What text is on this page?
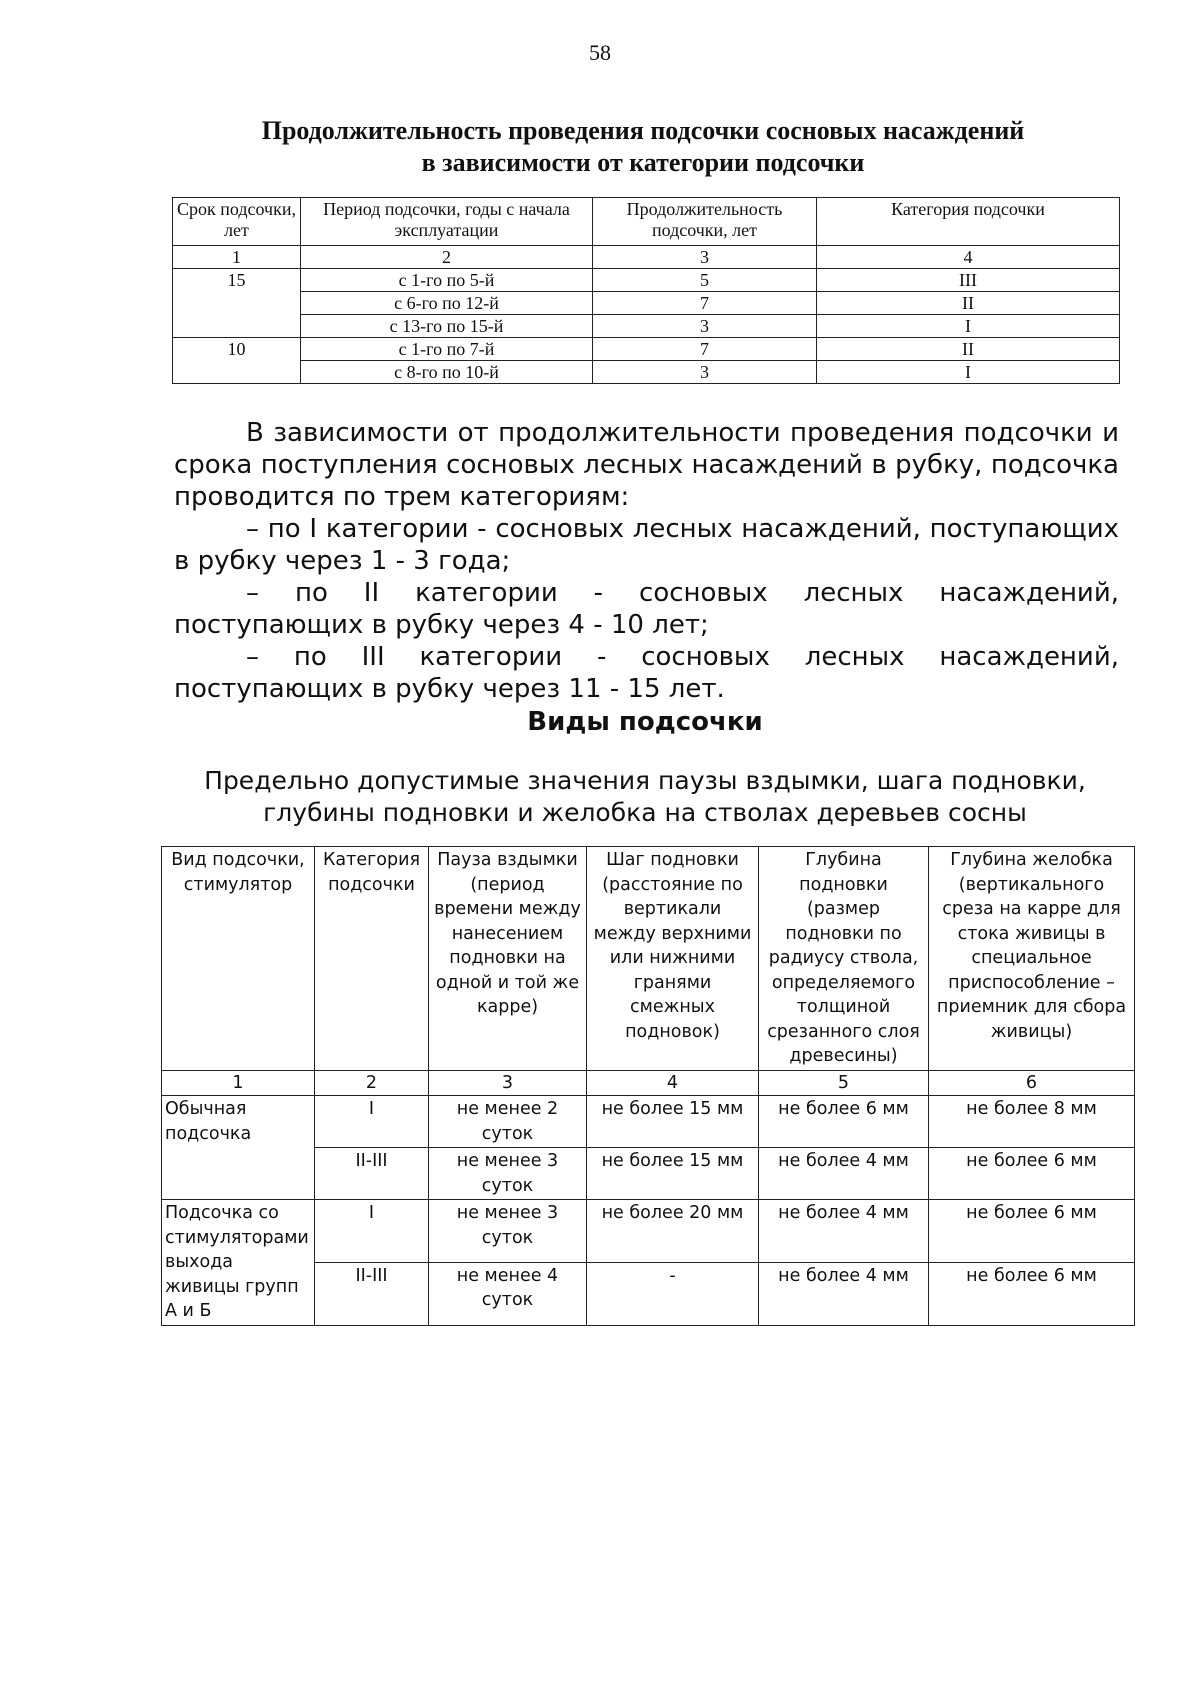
58
Продолжительность проведения подсочки сосновых насаждений
в зависимости от категории подсочки
Срок подсочки, лет	Период подсочки, годы с начала эксплуатации	Продолжительность подсочки, лет	Категория подсочки
1	2	3	4
15	с 1-го по 5-й	5	III
	с 6-го по 12-й	7	II
	с 13-го по 15-й	3	I
10	с 1-го по 7-й	7	II
	с 8-го по 10-й	3	I

В зависимости от продолжительности проведения подсочки и срока поступления сосновых лесных насаждений в рубку, подсочка проводится по трем категориям:

– по I категории - сосновых лесных насаждений, поступающих в рубку через 1 - 3 года;

– по II категории - сосновых лесных насаждений, поступающих в рубку через 4 - 10 лет;

– по III категории - сосновых лесных насаждений, поступающих в рубку через 11 - 15 лет.

Виды подсочки
Предельно допустимые значения паузы вздымки, шага подновки,
глубины подновки и желобка на стволах деревьев сосны
Вид подсочки, стимулятор	Категория подсочки	Пауза вздымки (период времени между нанесением подновки на одной и той же карре)	Шаг подновки (расстояние по вертикали между верхними или нижними гранями смежных подновок)	Глубина подновки (размер подновки по радиусу ствола, определяемого толщиной срезанного слоя древесины)	Глубина желобка (вертикального среза на карре для стока живицы в специальное приспособление – приемник для сбора живицы)
1	2	3	4	5	6
Обычная подсочка	I	не менее 2 суток	не более 15 мм	не более 6 мм	не более 8 мм
	II-III	не менее 3 суток	не более 15 мм	не более 4 мм	не более 6 мм
Подсочка со стимуляторами выхода живицы групп А и Б	I	не менее 3 суток	не более 20 мм	не более 4 мм	не более 6 мм
	II-III	не менее 4 суток	-	не более 4 мм	не более 6 мм
